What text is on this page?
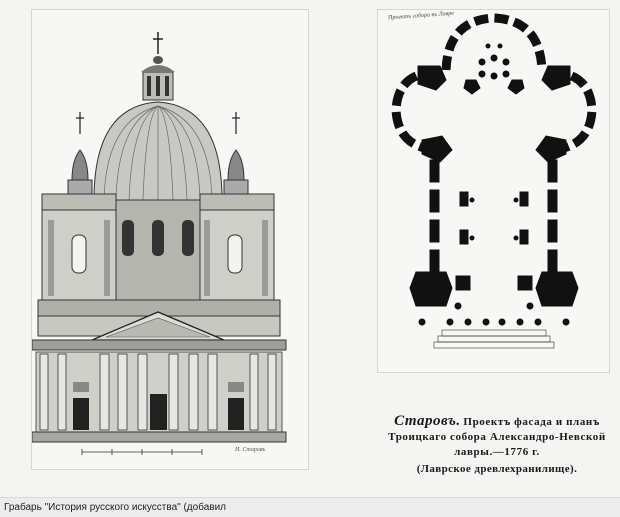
И. Старовъ
Проектъ собора въ Лавре
Старовъ. Проектъ фасада и планъ Троицкаго собора Александро-Невской лавры.—1776 г.
(Лаврское древлехранилище).
Грабарь "История русского искусства" (добавил
